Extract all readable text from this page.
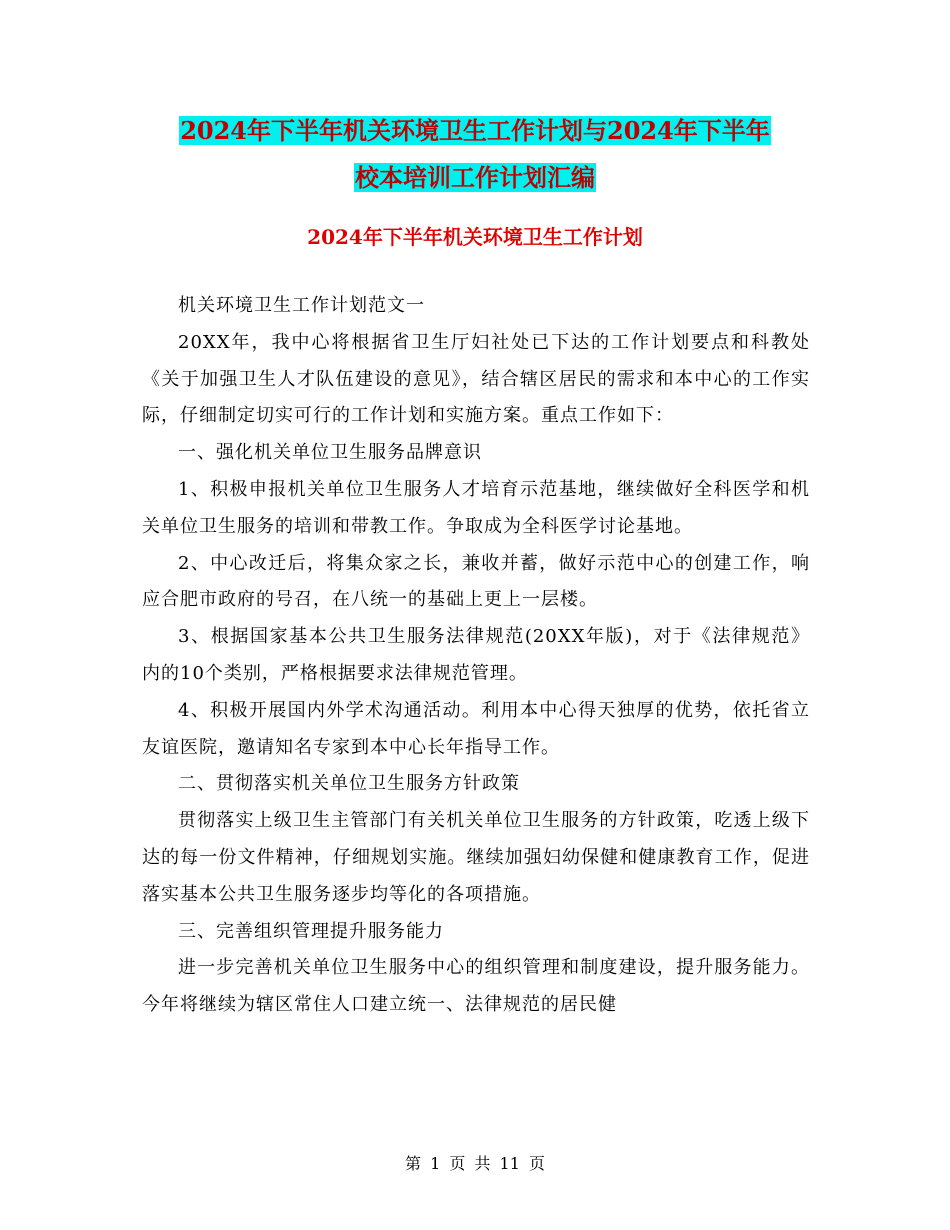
2024年下半年机关环境卫生工作计划与2024年下半年
校本培训工作计划汇编
2024年下半年机关环境卫生工作计划

机关环境卫生工作计划范文一

20XX年，我中心将根据省卫生厅妇社处已下达的工作计划要点和科教处《关于加强卫生人才队伍建设的意见》，结合辖区居民的需求和本中心的工作实际，仔细制定切实可行的工作计划和实施方案。重点工作如下：

一、强化机关单位卫生服务品牌意识

1、积极申报机关单位卫生服务人才培育示范基地，继续做好全科医学和机关单位卫生服务的培训和带教工作。争取成为全科医学讨论基地。

2、中心改迁后，将集众家之长，兼收并蓄，做好示范中心的创建工作，响应合肥市政府的号召，在八统一的基础上更上一层楼。

3、根据国家基本公共卫生服务法律规范(20XX年版)，对于《法律规范》内的10个类别，严格根据要求法律规范管理。

4、积极开展国内外学术沟通活动。利用本中心得天独厚的优势，依托省立友谊医院，邀请知名专家到本中心长年指导工作。

二、贯彻落实机关单位卫生服务方针政策

贯彻落实上级卫生主管部门有关机关单位卫生服务的方针政策，吃透上级下达的每一份文件精神，仔细规划实施。继续加强妇幼保健和健康教育工作，促进落实基本公共卫生服务逐步均等化的各项措施。

三、完善组织管理提升服务能力

进一步完善机关单位卫生服务中心的组织管理和制度建设，提升服务能力。今年将继续为辖区常住人口建立统一、法律规范的居民健

第 1 页 共 11 页
